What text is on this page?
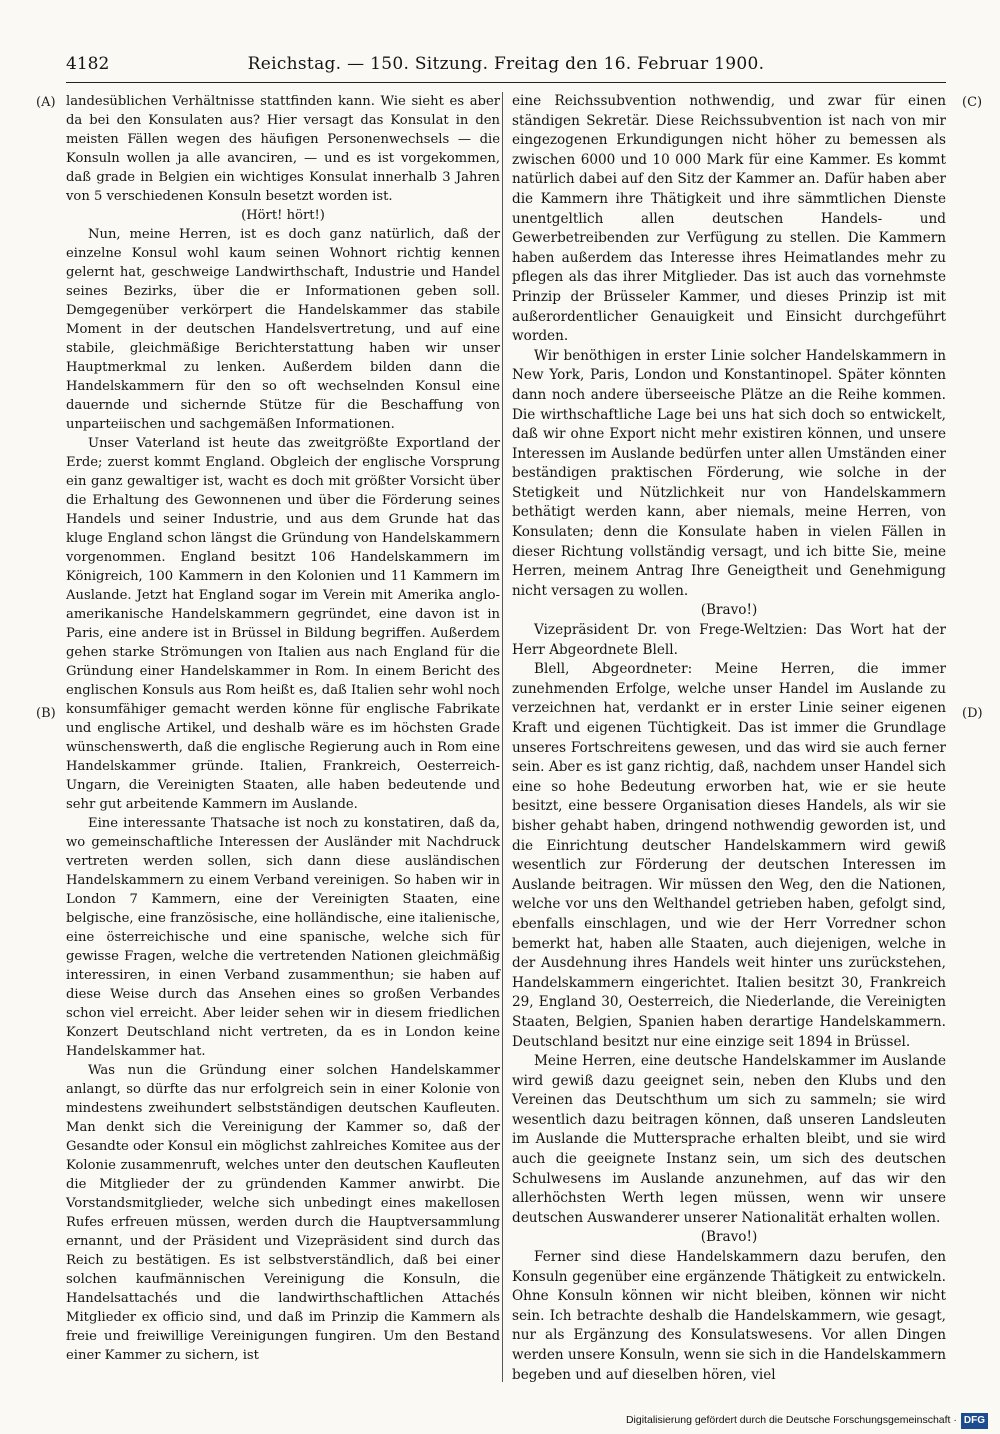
4182	Reichstag. — 150. Sitzung. Freitag den 16. Februar 1900.
(A)
(B)
(C)
(D)

landesüblichen Verhältnisse stattfinden kann. Wie sieht es aber da bei den Konsulaten aus? Hier versagt das Konsulat in den meisten Fällen wegen des häufigen Personenwechsels — die Konsuln wollen ja alle avanciren, — und es ist vorgekommen, daß grade in Belgien ein wichtiges Konsulat innerhalb 3 Jahren von 5 verschiedenen Konsuln besetzt worden ist.

(Hört! hört!)

Nun, meine Herren, ist es doch ganz natürlich, daß der einzelne Konsul wohl kaum seinen Wohnort richtig kennen gelernt hat, geschweige Landwirthschaft, Industrie und Handel seines Bezirks, über die er Informationen geben soll. Demgegenüber verkörpert die Handelskammer das stabile Moment in der deutschen Handelsvertretung, und auf eine stabile, gleichmäßige Berichterstattung haben wir unser Hauptmerkmal zu lenken. Außerdem bilden dann die Handelskammern für den so oft wechselnden Konsul eine dauernde und sichernde Stütze für die Beschaffung von unparteiischen und sachgemäßen Informationen.

Unser Vaterland ist heute das zweitgrößte Exportland der Erde; zuerst kommt England. Obgleich der englische Vorsprung ein ganz gewaltiger ist, wacht es doch mit größter Vorsicht über die Erhaltung des Gewonnenen und über die Förderung seines Handels und seiner Industrie, und aus dem Grunde hat das kluge England schon längst die Gründung von Handelskammern vorgenommen. England besitzt 106 Handelskammern im Königreich, 100 Kammern in den Kolonien und 11 Kammern im Auslande. Jetzt hat England sogar im Verein mit Amerika anglo-amerikanische Handelskammern gegründet, eine davon ist in Paris, eine andere ist in Brüssel in Bildung begriffen. Außerdem gehen starke Strömungen von Italien aus nach England für die Gründung einer Handelskammer in Rom. In einem Bericht des englischen Konsuls aus Rom heißt es, daß Italien sehr wohl noch konsumfähiger gemacht werden könne für englische Fabrikate und englische Artikel, und deshalb wäre es im höchsten Grade wünschenswerth, daß die englische Regierung auch in Rom eine Handelskammer gründe. Italien, Frankreich, Oesterreich-Ungarn, die Vereinigten Staaten, alle haben bedeutende und sehr gut arbeitende Kammern im Auslande.

Eine interessante Thatsache ist noch zu konstatiren, daß da, wo gemeinschaftliche Interessen der Ausländer mit Nachdruck vertreten werden sollen, sich dann diese ausländischen Handelskammern zu einem Verband vereinigen. So haben wir in London 7 Kammern, eine der Vereinigten Staaten, eine belgische, eine französische, eine holländische, eine italienische, eine österreichische und eine spanische, welche sich für gewisse Fragen, welche die vertretenden Nationen gleichmäßig interessiren, in einen Verband zusammenthun; sie haben auf diese Weise durch das Ansehen eines so großen Verbandes schon viel erreicht. Aber leider sehen wir in diesem friedlichen Konzert Deutschland nicht vertreten, da es in London keine Handelskammer hat.

Was nun die Gründung einer solchen Handelskammer anlangt, so dürfte das nur erfolgreich sein in einer Kolonie von mindestens zweihundert selbstständigen deutschen Kaufleuten. Man denkt sich die Vereinigung der Kammer so, daß der Gesandte oder Konsul ein möglichst zahlreiches Komitee aus der Kolonie zusammenruft, welches unter den deutschen Kaufleuten die Mitglieder der zu gründenden Kammer anwirbt. Die Vorstandsmitglieder, welche sich unbedingt eines makellosen Rufes erfreuen müssen, werden durch die Hauptversammlung ernannt, und der Präsident und Vizepräsident sind durch das Reich zu bestätigen. Es ist selbstverständlich, daß bei einer solchen kaufmännischen Vereinigung die Konsuln, die Handelsattachés und die landwirthschaftlichen Attachés Mitglieder ex officio sind, und daß im Prinzip die Kammern als freie und freiwillige Vereinigungen fungiren. Um den Bestand einer Kammer zu sichern, ist

eine Reichssubvention nothwendig, und zwar für einen ständigen Sekretär. Diese Reichssubvention ist nach von mir eingezogenen Erkundigungen nicht höher zu bemessen als zwischen 6000 und 10 000 Mark für eine Kammer. Es kommt natürlich dabei auf den Sitz der Kammer an. Dafür haben aber die Kammern ihre Thätigkeit und ihre sämmtlichen Dienste unentgeltlich allen deutschen Handels- und Gewerbetreibenden zur Verfügung zu stellen. Die Kammern haben außerdem das Interesse ihres Heimatlandes mehr zu pflegen als das ihrer Mitglieder. Das ist auch das vornehmste Prinzip der Brüsseler Kammer, und dieses Prinzip ist mit außerordentlicher Genauigkeit und Einsicht durchgeführt worden.

Wir benöthigen in erster Linie solcher Handelskammern in New York, Paris, London und Konstantinopel. Später könnten dann noch andere überseeische Plätze an die Reihe kommen. Die wirthschaftliche Lage bei uns hat sich doch so entwickelt, daß wir ohne Export nicht mehr existiren können, und unsere Interessen im Auslande bedürfen unter allen Umständen einer beständigen praktischen Förderung, wie solche in der Stetigkeit und Nützlichkeit nur von Handelskammern bethätigt werden kann, aber niemals, meine Herren, von Konsulaten; denn die Konsulate haben in vielen Fällen in dieser Richtung vollständig versagt, und ich bitte Sie, meine Herren, meinem Antrag Ihre Geneigtheit und Genehmigung nicht versagen zu wollen.

(Bravo!)

Vizepräsident Dr. von Frege-Weltzien: Das Wort hat der Herr Abgeordnete Blell.

Blell, Abgeordneter: Meine Herren, die immer zunehmenden Erfolge, welche unser Handel im Auslande zu verzeichnen hat, verdankt er in erster Linie seiner eigenen Kraft und eigenen Tüchtigkeit. Das ist immer die Grundlage unseres Fortschreitens gewesen, und das wird sie auch ferner sein. Aber es ist ganz richtig, daß, nachdem unser Handel sich eine so hohe Bedeutung erworben hat, wie er sie heute besitzt, eine bessere Organisation dieses Handels, als wir sie bisher gehabt haben, dringend nothwendig geworden ist, und die Einrichtung deutscher Handelskammern wird gewiß wesentlich zur Förderung der deutschen Interessen im Auslande beitragen. Wir müssen den Weg, den die Nationen, welche vor uns den Welthandel getrieben haben, gefolgt sind, ebenfalls einschlagen, und wie der Herr Vorredner schon bemerkt hat, haben alle Staaten, auch diejenigen, welche in der Ausdehnung ihres Handels weit hinter uns zurückstehen, Handelskammern eingerichtet. Italien besitzt 30, Frankreich 29, England 30, Oesterreich, die Niederlande, die Vereinigten Staaten, Belgien, Spanien haben derartige Handelskammern. Deutschland besitzt nur eine einzige seit 1894 in Brüssel.

Meine Herren, eine deutsche Handelskammer im Auslande wird gewiß dazu geeignet sein, neben den Klubs und den Vereinen das Deutschthum um sich zu sammeln; sie wird wesentlich dazu beitragen können, daß unseren Landsleuten im Auslande die Muttersprache erhalten bleibt, und sie wird auch die geeignete Instanz sein, um sich des deutschen Schulwesens im Auslande anzunehmen, auf das wir den allerhöchsten Werth legen müssen, wenn wir unsere deutschen Auswanderer unserer Nationalität erhalten wollen.

(Bravo!)

Ferner sind diese Handelskammern dazu berufen, den Konsuln gegenüber eine ergänzende Thätigkeit zu entwickeln. Ohne Konsuln können wir nicht bleiben, können wir nicht sein. Ich betrachte deshalb die Handelskammern, wie gesagt, nur als Ergänzung des Konsulatswesens. Vor allen Dingen werden unsere Konsuln, wenn sie sich in die Handelskammern begeben und auf dieselben hören, viel

Digitalisierung gefördert durch die Deutsche Forschungsgemeinschaft · DFG
